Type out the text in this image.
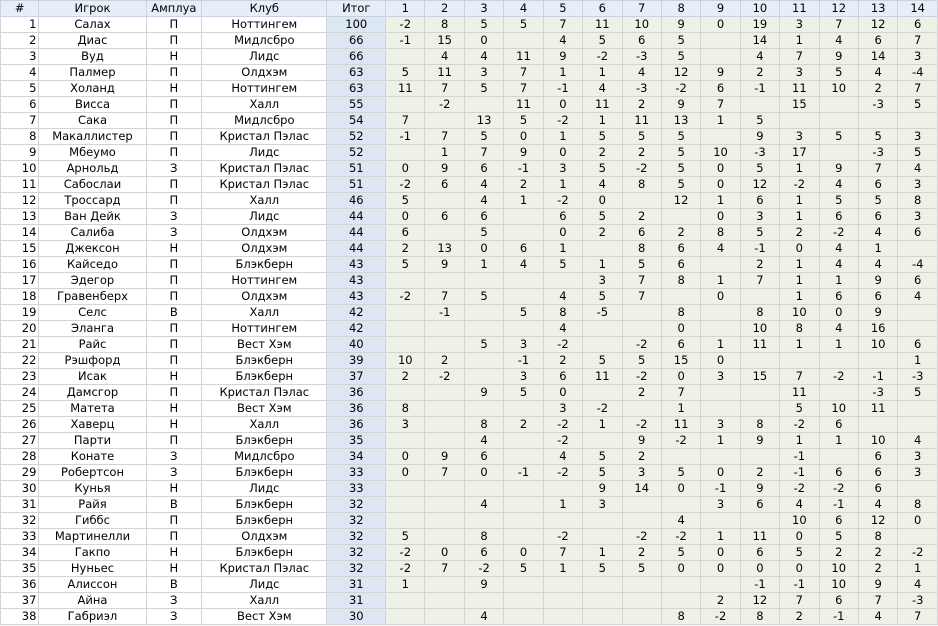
#	Игрок	Амплуа	Клуб	Итог	1	2	3	4	5	6	7	8	9	10	11	12	13	14
1	Салах	П	Ноттингем	100	-2	8	5	5	7	11	10	9	0	19	3	7	12	6
2	Диас	П	Мидлсбро	66	-1	15	0		4	5	6	5		14	1	4	6	7
3	Вуд	Н	Лидс	66		4	4	11	9	-2	-3	5		4	7	9	14	3
4	Палмер	П	Олдхэм	63	5	11	3	7	1	1	4	12	9	2	3	5	4	-4
5	Холанд	Н	Ноттингем	63	11	7	5	7	-1	4	-3	-2	6	-1	11	10	2	7
6	Висса	П	Халл	55		-2		11	0	11	2	9	7		15		-3	5
7	Сака	П	Мидлсбро	54	7		13	5	-2	1	11	13	1	5				
8	Макаллистер	П	Кристал Пэлас	52	-1	7	5	0	1	5	5	5		9	3	5	5	3
9	Мбеумо	П	Лидс	52		1	7	9	0	2	2	5	10	-3	17		-3	5
10	Арнольд	З	Кристал Пэлас	51	0	9	6	-1	3	5	-2	5	0	5	1	9	7	4
11	Сабослаи	П	Кристал Пэлас	51	-2	6	4	2	1	4	8	5	0	12	-2	4	6	3
12	Троссард	П	Халл	46	5		4	1	-2	0		12	1	6	1	5	5	8
13	Ван Дейк	З	Лидс	44	0	6	6		6	5	2		0	3	1	6	6	3
14	Салиба	З	Олдхэм	44	6		5		0	2	6	2	8	5	2	-2	4	6
15	Джексон	Н	Олдхэм	44	2	13	0	6	1		8	6	4	-1	0	4	1	
16	Кайседо	П	Блэкберн	43	5	9	1	4	5	1	5	6		2	1	4	4	-4
17	Эдегор	П	Ноттингем	43						3	7	8	1	7	1	1	9	6
18	Гравенберх	П	Олдхэм	43	-2	7	5		4	5	7		0		1	6	6	4
19	Селс	В	Халл	42		-1		5	8	-5		8		8	10	0	9	
20	Эланга	П	Ноттингем	42					4			0		10	8	4	16	
21	Райс	П	Вест Хэм	40			5	3	-2		-2	6	1	11	1	1	10	6
22	Рэшфорд	П	Блэкберн	39	10	2		-1	2	5	5	15	0					1
23	Исак	Н	Блэкберн	37	2	-2		3	6	11	-2	0	3	15	7	-2	-1	-3
24	Дамсгор	П	Кристал Пэлас	36			9	5	0		2	7			11		-3	5
25	Матета	Н	Вест Хэм	36	8				3	-2		1			5	10	11	
26	Хаверц	Н	Халл	36	3		8	2	-2	1	-2	11	3	8	-2	6		
27	Парти	П	Блэкберн	35			4		-2		9	-2	1	9	1	1	10	4
28	Конате	З	Мидлсбро	34	0	9	6		4	5	2				-1		6	3
29	Робертсон	З	Блэкберн	33	0	7	0	-1	-2	5	3	5	0	2	-1	6	6	3
30	Кунья	Н	Лидс	33						9	14	0	-1	9	-2	-2	6	
31	Райя	В	Блэкберн	32			4		1	3			3	6	4	-1	4	8
32	Гиббс	П	Блэкберн	32								4			10	6	12	0
33	Мартинелли	П	Олдхэм	32	5		8		-2		-2	-2	1	11	0	5	8	
34	Гакпо	Н	Блэкберн	32	-2	0	6	0	7	1	2	5	0	6	5	2	2	-2
35	Нуньес	Н	Кристал Пэлас	32	-2	7	-2	5	1	5	5	0	0	0	0	10	2	1
36	Алиссон	В	Лидс	31	1		9							-1	-1	10	9	4
37	Айна	З	Халл	31									2	12	7	6	7	-3
38	Габриэл	З	Вест Хэм	30			4					8	-2	8	2	-1	4	7
